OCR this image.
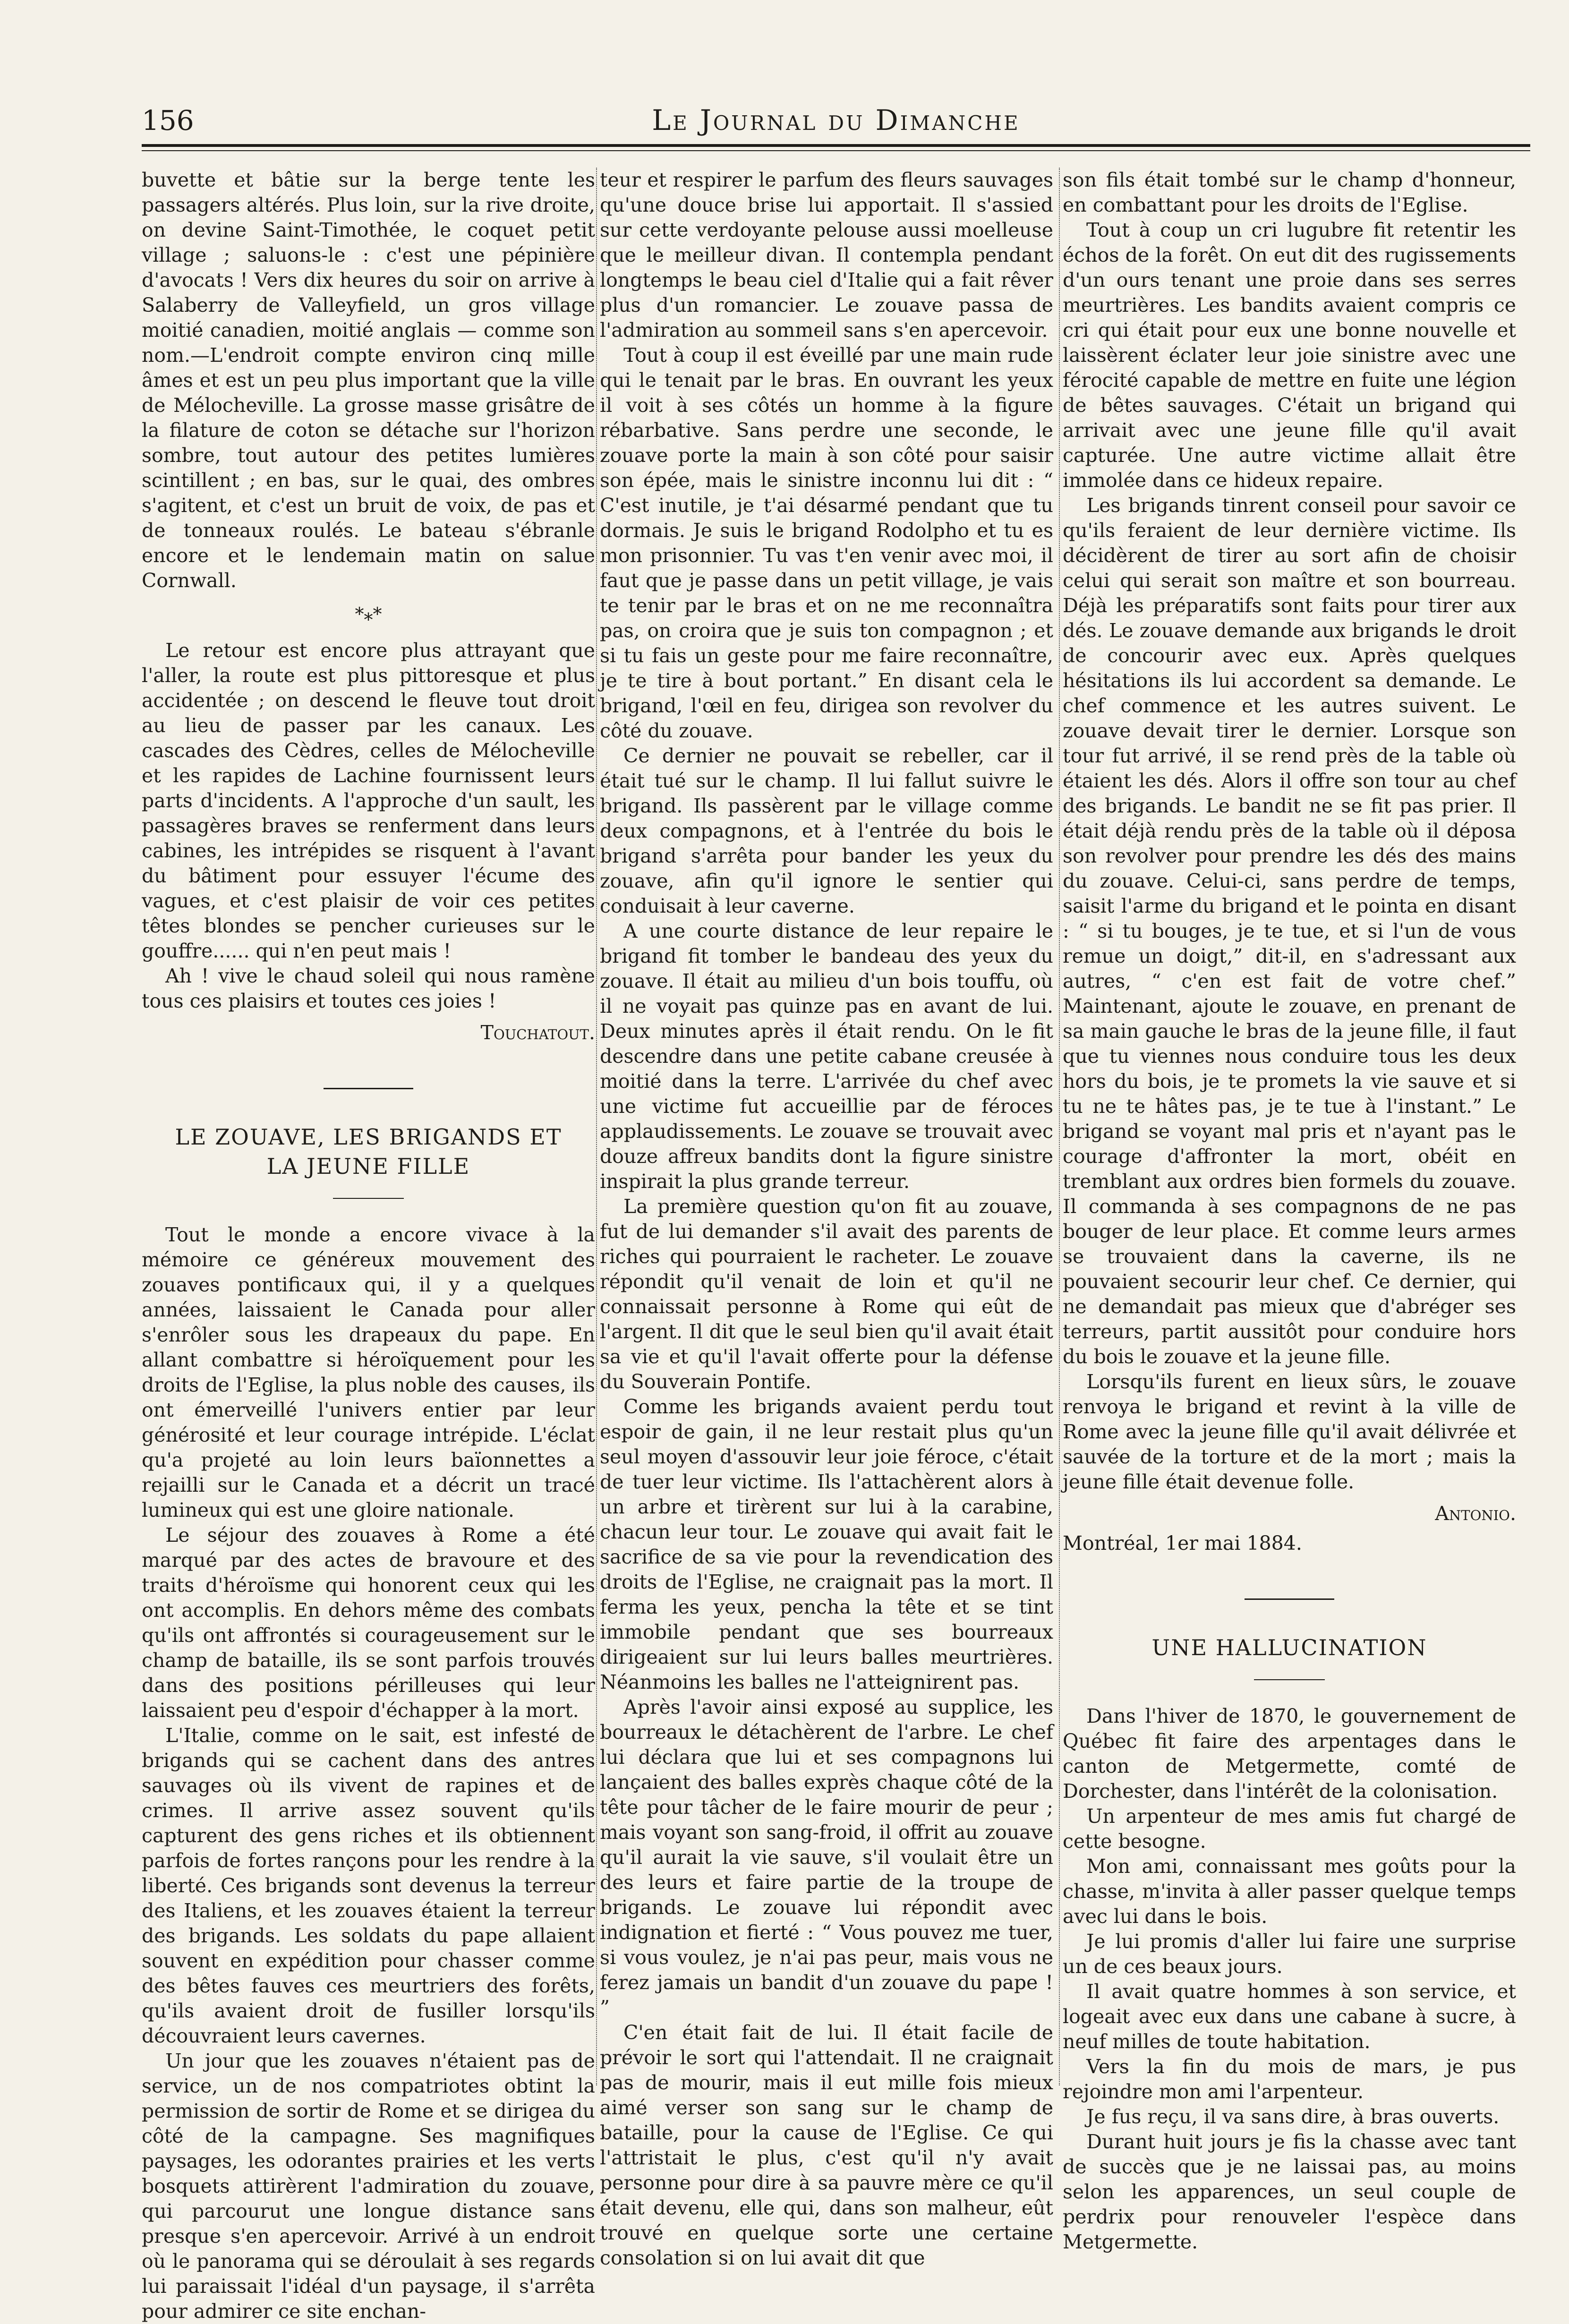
156	Le Journal du Dimanche

buvette et bâtie sur la berge tente les passagers altérés. Plus loin, sur la rive droite, on devine Saint-Timothée, le coquet petit village ; saluons-le : c'est une pépinière d'avocats ! Vers dix heures du soir on arrive à Salaberry de Valleyfield, un gros village moitié canadien, moitié anglais — comme son nom.—L'endroit compte environ cinq mille âmes et est un peu plus important que la ville de Mélocheville. La grosse masse grisâtre de la filature de coton se détache sur l'horizon sombre, tout autour des petites lumières scintillent ; en bas, sur le quai, des ombres s'agitent, et c'est un bruit de voix, de pas et de tonneaux roulés. Le bateau s'ébranle encore et le lendemain matin on salue Cornwall.

*⁎*

Le retour est encore plus attrayant que l'aller, la route est plus pittoresque et plus accidentée ; on descend le fleuve tout droit au lieu de passer par les canaux. Les cascades des Cèdres, celles de Mélocheville et les rapides de Lachine fournissent leurs parts d'incidents. A l'approche d'un sault, les passagères braves se renferment dans leurs cabines, les intrépides se risquent à l'avant du bâtiment pour essuyer l'écume des vagues, et c'est plaisir de voir ces petites têtes blondes se pencher curieuses sur le gouffre...... qui n'en peut mais !

Ah ! vive le chaud soleil qui nous ramène tous ces plaisirs et toutes ces joies !

Touchatout.
LE ZOUAVE, LES BRIGANDS ET LA JEUNE FILLE

Tout le monde a encore vivace à la mémoire ce généreux mouvement des zouaves pontificaux qui, il y a quelques années, laissaient le Canada pour aller s'enrôler sous les drapeaux du pape. En allant combattre si héroïquement pour les droits de l'Eglise, la plus noble des causes, ils ont émerveillé l'univers entier par leur générosité et leur courage intrépide. L'éclat qu'a projeté au loin leurs baïonnettes a rejailli sur le Canada et a décrit un tracé lumineux qui est une gloire nationale.

Le séjour des zouaves à Rome a été marqué par des actes de bravoure et des traits d'héroïsme qui honorent ceux qui les ont accomplis. En dehors même des combats qu'ils ont affrontés si courageusement sur le champ de bataille, ils se sont parfois trouvés dans des positions périlleuses qui leur laissaient peu d'espoir d'échapper à la mort.

L'Italie, comme on le sait, est infesté de brigands qui se cachent dans des antres sauvages où ils vivent de rapines et de crimes. Il arrive assez souvent qu'ils capturent des gens riches et ils obtiennent parfois de fortes rançons pour les rendre à la liberté. Ces brigands sont devenus la terreur des Italiens, et les zouaves étaient la terreur des brigands. Les soldats du pape allaient souvent en expédition pour chasser comme des bêtes fauves ces meurtriers des forêts, qu'ils avaient droit de fusiller lorsqu'ils découvraient leurs cavernes.

Un jour que les zouaves n'étaient pas de service, un de nos compatriotes obtint la permission de sortir de Rome et se dirigea du côté de la campagne. Ses magnifiques paysages, les odorantes prairies et les verts bosquets attirèrent l'admiration du zouave, qui parcourut une longue distance sans presque s'en apercevoir. Arrivé à un endroit où le panorama qui se déroulait à ses regards lui paraissait l'idéal d'un paysage, il s'arrêta pour admirer ce site enchan-

teur et respirer le parfum des fleurs sauvages qu'une douce brise lui apportait. Il s'assied sur cette verdoyante pelouse aussi moelleuse que le meilleur divan. Il contempla pendant longtemps le beau ciel d'Italie qui a fait rêver plus d'un romancier. Le zouave passa de l'admiration au sommeil sans s'en apercevoir.

Tout à coup il est éveillé par une main rude qui le tenait par le bras. En ouvrant les yeux il voit à ses côtés un homme à la figure rébarbative. Sans perdre une seconde, le zouave porte la main à son côté pour saisir son épée, mais le sinistre inconnu lui dit : “ C'est inutile, je t'ai désarmé pendant que tu dormais. Je suis le brigand Rodolpho et tu es mon prisonnier. Tu vas t'en venir avec moi, il faut que je passe dans un petit village, je vais te tenir par le bras et on ne me reconnaîtra pas, on croira que je suis ton compagnon ; et si tu fais un geste pour me faire reconnaître, je te tire à bout portant.” En disant cela le brigand, l'œil en feu, dirigea son revolver du côté du zouave.

Ce dernier ne pouvait se rebeller, car il était tué sur le champ. Il lui fallut suivre le brigand. Ils passèrent par le village comme deux compagnons, et à l'entrée du bois le brigand s'arrêta pour bander les yeux du zouave, afin qu'il ignore le sentier qui conduisait à leur caverne.

A une courte distance de leur repaire le brigand fit tomber le bandeau des yeux du zouave. Il était au milieu d'un bois touffu, où il ne voyait pas quinze pas en avant de lui. Deux minutes après il était rendu. On le fit descendre dans une petite cabane creusée à moitié dans la terre. L'arrivée du chef avec une victime fut accueillie par de féroces applaudissements. Le zouave se trouvait avec douze affreux bandits dont la figure sinistre inspirait la plus grande terreur.

La première question qu'on fit au zouave, fut de lui demander s'il avait des parents de riches qui pourraient le racheter. Le zouave répondit qu'il venait de loin et qu'il ne connaissait personne à Rome qui eût de l'argent. Il dit que le seul bien qu'il avait était sa vie et qu'il l'avait offerte pour la défense du Souverain Pontife.

Comme les brigands avaient perdu tout espoir de gain, il ne leur restait plus qu'un seul moyen d'assouvir leur joie féroce, c'était de tuer leur victime. Ils l'attachèrent alors à un arbre et tirèrent sur lui à la carabine, chacun leur tour. Le zouave qui avait fait le sacrifice de sa vie pour la revendication des droits de l'Eglise, ne craignait pas la mort. Il ferma les yeux, pencha la tête et se tint immobile pendant que ses bourreaux dirigeaient sur lui leurs balles meurtrières. Néanmoins les balles ne l'atteignirent pas.

Après l'avoir ainsi exposé au supplice, les bourreaux le détachèrent de l'arbre. Le chef lui déclara que lui et ses compagnons lui lançaient des balles exprès chaque côté de la tête pour tâcher de le faire mourir de peur ; mais voyant son sang-froid, il offrit au zouave qu'il aurait la vie sauve, s'il voulait être un des leurs et faire partie de la troupe de brigands. Le zouave lui répondit avec indignation et fierté : “ Vous pouvez me tuer, si vous voulez, je n'ai pas peur, mais vous ne ferez jamais un bandit d'un zouave du pape ! ”

C'en était fait de lui. Il était facile de prévoir le sort qui l'attendait. Il ne craignait pas de mourir, mais il eut mille fois mieux aimé verser son sang sur le champ de bataille, pour la cause de l'Eglise. Ce qui l'attristait le plus, c'est qu'il n'y avait personne pour dire à sa pauvre mère ce qu'il était devenu, elle qui, dans son malheur, eût trouvé en quelque sorte une certaine consolation si on lui avait dit que

son fils était tombé sur le champ d'honneur, en combattant pour les droits de l'Eglise.

Tout à coup un cri lugubre fit retentir les échos de la forêt. On eut dit des rugissements d'un ours tenant une proie dans ses serres meurtrières. Les bandits avaient compris ce cri qui était pour eux une bonne nouvelle et laissèrent éclater leur joie sinistre avec une férocité capable de mettre en fuite une légion de bêtes sauvages. C'était un brigand qui arrivait avec une jeune fille qu'il avait capturée. Une autre victime allait être immolée dans ce hideux repaire.

Les brigands tinrent conseil pour savoir ce qu'ils feraient de leur dernière victime. Ils décidèrent de tirer au sort afin de choisir celui qui serait son maître et son bourreau. Déjà les préparatifs sont faits pour tirer aux dés. Le zouave demande aux brigands le droit de concourir avec eux. Après quelques hésitations ils lui accordent sa demande. Le chef commence et les autres suivent. Le zouave devait tirer le dernier. Lorsque son tour fut arrivé, il se rend près de la table où étaient les dés. Alors il offre son tour au chef des brigands. Le bandit ne se fit pas prier. Il était déjà rendu près de la table où il déposa son revolver pour prendre les dés des mains du zouave. Celui-ci, sans perdre de temps, saisit l'arme du brigand et le pointa en disant : “ si tu bouges, je te tue, et si l'un de vous remue un doigt,” dit-il, en s'adressant aux autres, “ c'en est fait de votre chef.” Maintenant, ajoute le zouave, en prenant de sa main gauche le bras de la jeune fille, il faut que tu viennes nous conduire tous les deux hors du bois, je te promets la vie sauve et si tu ne te hâtes pas, je te tue à l'instant.” Le brigand se voyant mal pris et n'ayant pas le courage d'affronter la mort, obéit en tremblant aux ordres bien formels du zouave. Il commanda à ses compagnons de ne pas bouger de leur place. Et comme leurs armes se trouvaient dans la caverne, ils ne pouvaient secourir leur chef. Ce dernier, qui ne demandait pas mieux que d'abréger ses terreurs, partit aussitôt pour conduire hors du bois le zouave et la jeune fille.

Lorsqu'ils furent en lieux sûrs, le zouave renvoya le brigand et revint à la ville de Rome avec la jeune fille qu'il avait délivrée et sauvée de la torture et de la mort ; mais la jeune fille était devenue folle.

Antonio.
Montréal, 1er mai 1884.
UNE HALLUCINATION

Dans l'hiver de 1870, le gouvernement de Québec fit faire des arpentages dans le canton de Metgermette, comté de Dorchester, dans l'intérêt de la colonisation.

Un arpenteur de mes amis fut chargé de cette besogne.

Mon ami, connaissant mes goûts pour la chasse, m'invita à aller passer quelque temps avec lui dans le bois.

Je lui promis d'aller lui faire une surprise un de ces beaux jours.

Il avait quatre hommes à son service, et logeait avec eux dans une cabane à sucre, à neuf milles de toute habitation.

Vers la fin du mois de mars, je pus rejoindre mon ami l'arpenteur.

Je fus reçu, il va sans dire, à bras ouverts.

Durant huit jours je fis la chasse avec tant de succès que je ne laissai pas, au moins selon les apparences, un seul couple de perdrix pour renouveler l'espèce dans Metgermette.
